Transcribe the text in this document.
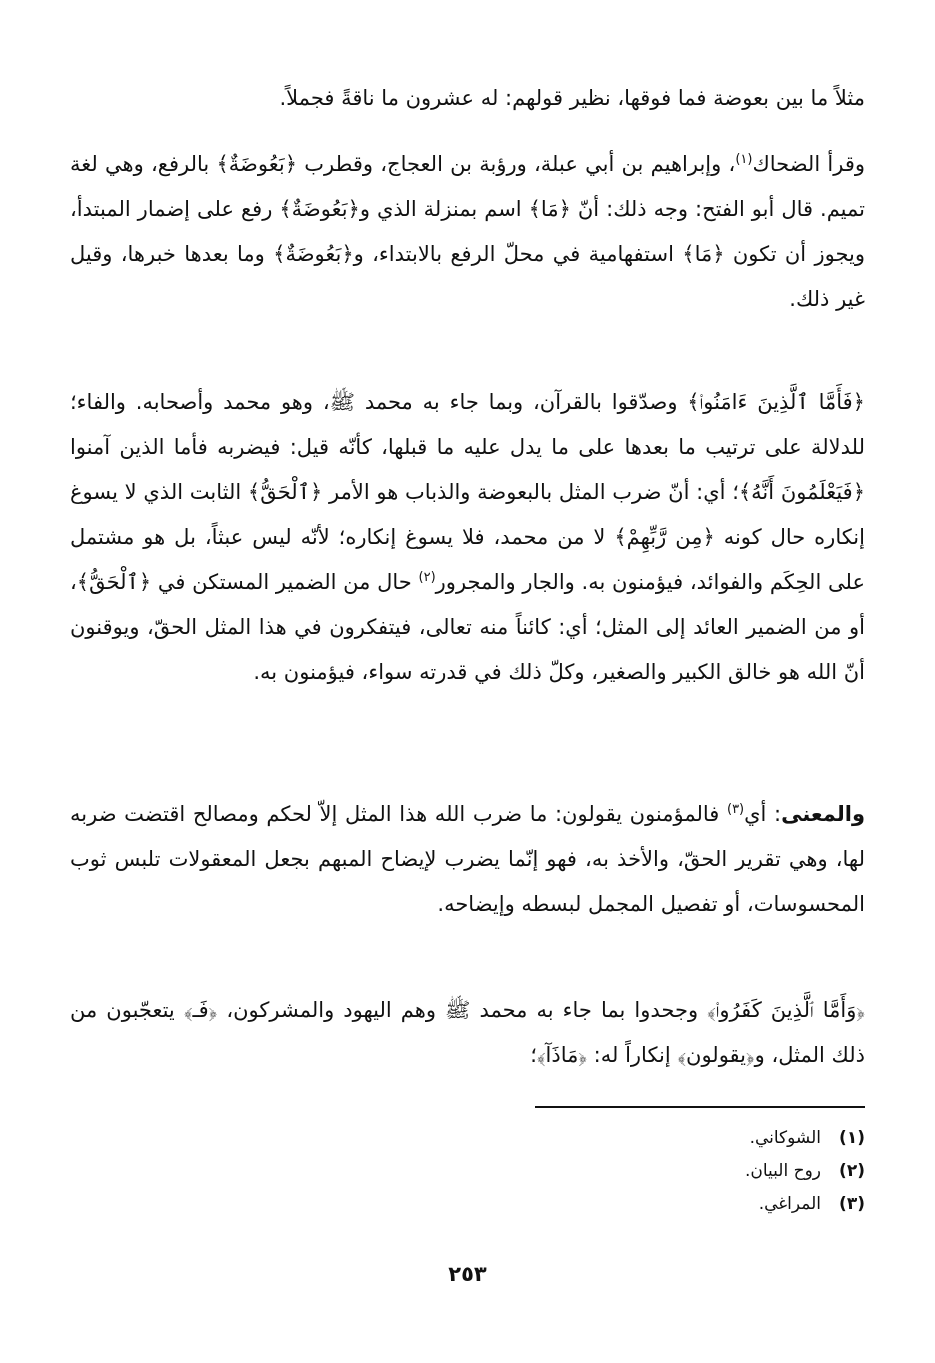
مثلاً ما بين بعوضة فما فوقها، نظير قولهم: له عشرون ما ناقةً فجملاً.

وقرأ الضحاك$^{(١)}$، وإبراهيم بن أبي عبلة، ورؤبة بن العجاج، وقطرب ﴿بَعُوضَةٌ﴾ بالرفع، وهي لغة تميم. قال أبو الفتح: وجه ذلك: أنّ ﴿مَا﴾ اسم بمنزلة الذي و﴿بَعُوضَةٌ﴾ رفع على إضمار المبتدأ، ويجوز أن تكون ﴿مَا﴾ استفهامية في محلّ الرفع بالابتداء، و﴿بَعُوضَةٌ﴾ وما بعدها خبرها، وقيل غير ذلك.

﴿فَأَمَّا ٱلَّذِينَ ءَامَنُوا۟﴾ وصدّقوا بالقرآن، وبما جاء به محمد ﷺ، وهو محمد وأصحابه. والفاء؛ للدلالة على ترتيب ما بعدها على ما يدل عليه ما قبلها، كأنّه قيل: فيضربه فأما الذين آمنوا ﴿فَيَعْلَمُونَ أَنَّهُ﴾؛ أي: أنّ ضرب المثل بالبعوضة والذباب هو الأمر ﴿ٱلْحَقُّ﴾ الثابت الذي لا يسوغ إنكاره حال كونه ﴿مِن رَّبِّهِمْ﴾ لا من محمد، فلا يسوغ إنكاره؛ لأنّه ليس عبثاً، بل هو مشتمل على الحِكَم والفوائد، فيؤمنون به. والجار والمجرور$^{(٢)}$ حال من الضمير المستكن في ﴿ٱلْحَقُّ﴾، أو من الضمير العائد إلى المثل؛ أي: كائناً منه تعالى، فيتفكرون في هذا المثل الحقّ، ويوقنون أنّ الله هو خالق الكبير والصغير، وكلّ ذلك في قدرته سواء، فيؤمنون به.

والمعنى: أي$^{(٣)}$ فالمؤمنون يقولون: ما ضرب الله هذا المثل إلاّ لحكم ومصالح اقتضت ضربه لها، وهي تقرير الحقّ، والأخذ به، فهو إنّما يضرب لإيضاح المبهم بجعل المعقولات تلبس ثوب المحسوسات، أو تفصيل المجمل لبسطه وإيضاحه.

﴿وَأَمَّا ٱلَّذِينَ كَفَرُوا۟﴾ وجحدوا بما جاء به محمد ﷺ وهم اليهود والمشركون، ﴿فَـ﴾ يتعجّبون من ذلك المثل، و﴿يقولون﴾ إنكاراً له: ﴿مَاذَآ﴾؛

(١)الشوكاني.
(٢)روح البيان.
(٣)المراغي.
٢٥٣
